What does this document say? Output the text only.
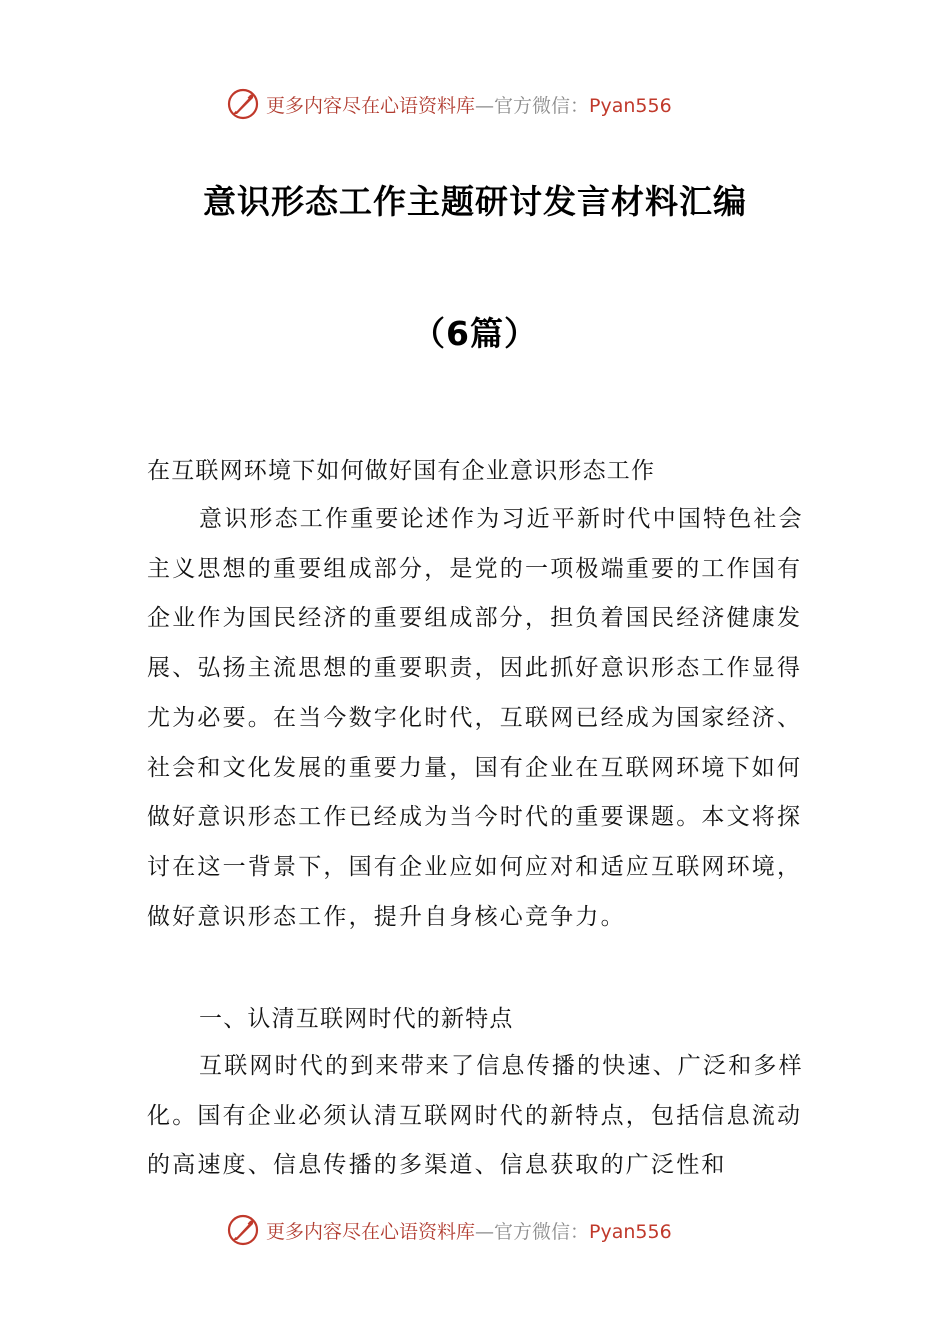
更多内容尽在心语资料库—官方微信：Pyan556
意识形态工作主题研讨发言材料汇编
（6篇）
在互联网环境下如何做好国有企业意识形态工作
意识形态工作重要论述作为习近平新时代中国特色社会主义思想的重要组成部分，是党的一项极端重要的工作国有企业作为国民经济的重要组成部分，担负着国民经济健康发展、弘扬主流思想的重要职责，因此抓好意识形态工作显得尤为必要。在当今数字化时代，互联网已经成为国家经济、社会和文化发展的重要力量，国有企业在互联网环境下如何做好意识形态工作已经成为当今时代的重要课题。本文将探讨在这一背景下，国有企业应如何应对和适应互联网环境，做好意识形态工作，提升自身核心竞争力。
一、认清互联网时代的新特点
互联网时代的到来带来了信息传播的快速、广泛和多样化。国有企业必须认清互联网时代的新特点，包括信息流动的高速度、信息传播的多渠道、信息获取的广泛性和
更多内容尽在心语资料库—官方微信：Pyan556
